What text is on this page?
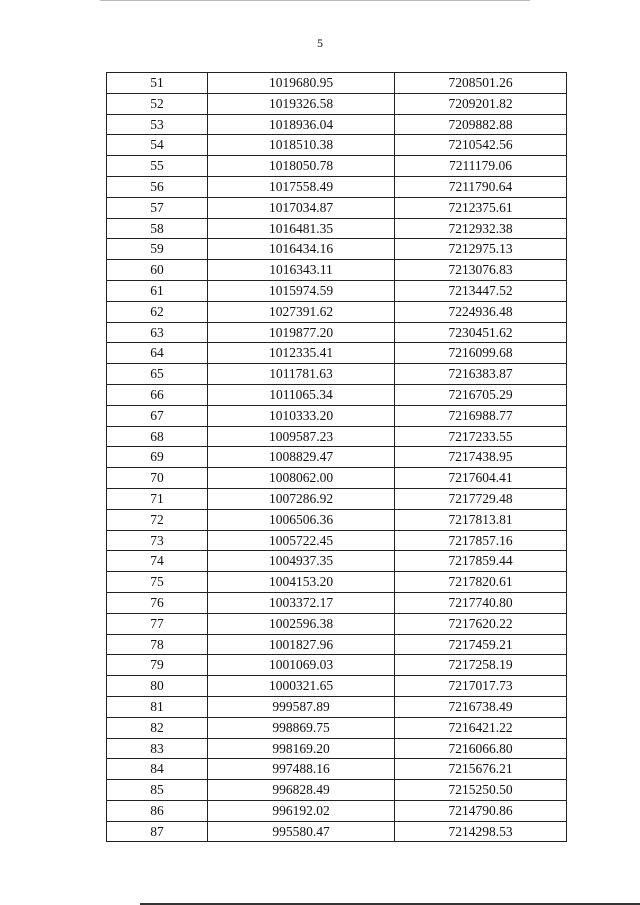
5
51	1019680.95	7208501.26
52	1019326.58	7209201.82
53	1018936.04	7209882.88
54	1018510.38	7210542.56
55	1018050.78	7211179.06
56	1017558.49	7211790.64
57	1017034.87	7212375.61
58	1016481.35	7212932.38
59	1016434.16	7212975.13
60	1016343.11	7213076.83
61	1015974.59	7213447.52
62	1027391.62	7224936.48
63	1019877.20	7230451.62
64	1012335.41	7216099.68
65	1011781.63	7216383.87
66	1011065.34	7216705.29
67	1010333.20	7216988.77
68	1009587.23	7217233.55
69	1008829.47	7217438.95
70	1008062.00	7217604.41
71	1007286.92	7217729.48
72	1006506.36	7217813.81
73	1005722.45	7217857.16
74	1004937.35	7217859.44
75	1004153.20	7217820.61
76	1003372.17	7217740.80
77	1002596.38	7217620.22
78	1001827.96	7217459.21
79	1001069.03	7217258.19
80	1000321.65	7217017.73
81	999587.89	7216738.49
82	998869.75	7216421.22
83	998169.20	7216066.80
84	997488.16	7215676.21
85	996828.49	7215250.50
86	996192.02	7214790.86
87	995580.47	7214298.53
